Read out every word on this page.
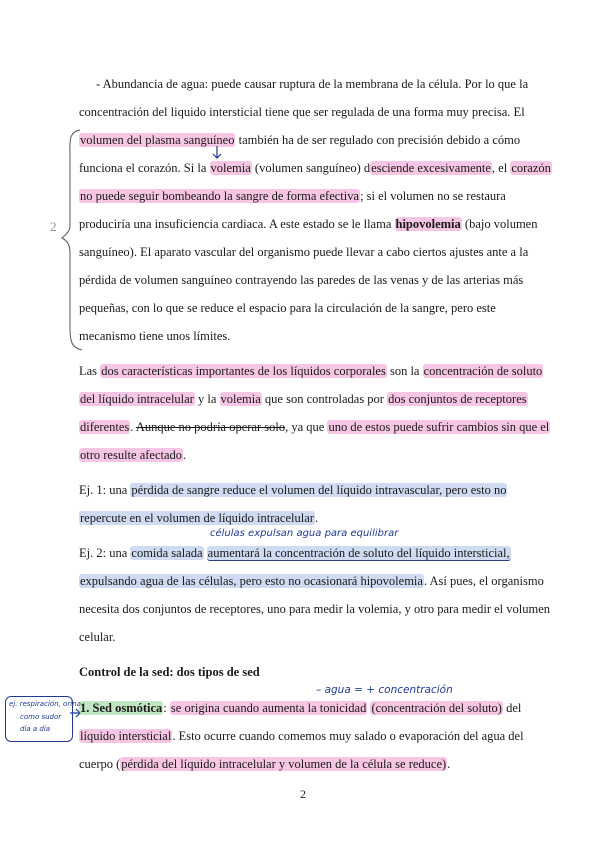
2
- Abundancia de agua: puede causar ruptura de la membrana de la célula. Por lo que la
concentración del liquido intersticial tiene que ser regulada de una forma muy precisa. El
volumen del plasma sanguíneo también ha de ser regulado con precisión debido a cómo
funciona el corazón. Si la volemia (volumen sanguíneo) desciende excesivamente, el corazón
no puede seguir bombeando la sangre de forma efectiva; si el volumen no se restaura
produciría una insuficiencia cardiaca. A este estado se le llama hipovolemia (bajo volumen
sanguíneo). El aparato vascular del organismo puede llevar a cabo ciertos ajustes ante a la
pérdida de volumen sanguíneo contrayendo las paredes de las venas y de las arterias más
pequeñas, con lo que se reduce el espacio para la circulación de la sangre, pero este
mecanismo tiene unos límites.
Las dos características importantes de los líquidos corporales son la concentración de soluto
del líquido intracelular y la volemia que son controladas por dos conjuntos de receptores
diferentes. Aunque no podría operar solo, ya que uno de estos puede sufrir cambios sin que el
otro resulte afectado.
Ej. 1: una pérdida de sangre reduce el volumen del líquido intravascular, pero esto no
repercute en el volumen de líquido intracelular.
células expulsan agua para equilibrar
Ej. 2: una comida salada aumentará la concentración de soluto del líquido intersticial,
expulsando agua de las células, pero esto no ocasionará hipovolemia. Así pues, el organismo
necesita dos conjuntos de receptores, uno para medir la volemia, y otro para medir el volumen
celular.
Control de la sed: dos tipos de sed
– agua = + concentración
ej. respiración, orina
como sudor
día a día
1. Sed osmótica: se origina cuando aumenta la tonicidad (concentración del soluto) del
líquido intersticial. Esto ocurre cuando comemos muy salado o evaporación del agua del
cuerpo (pérdida del líquido intracelular y volumen de la célula se reduce).
2
